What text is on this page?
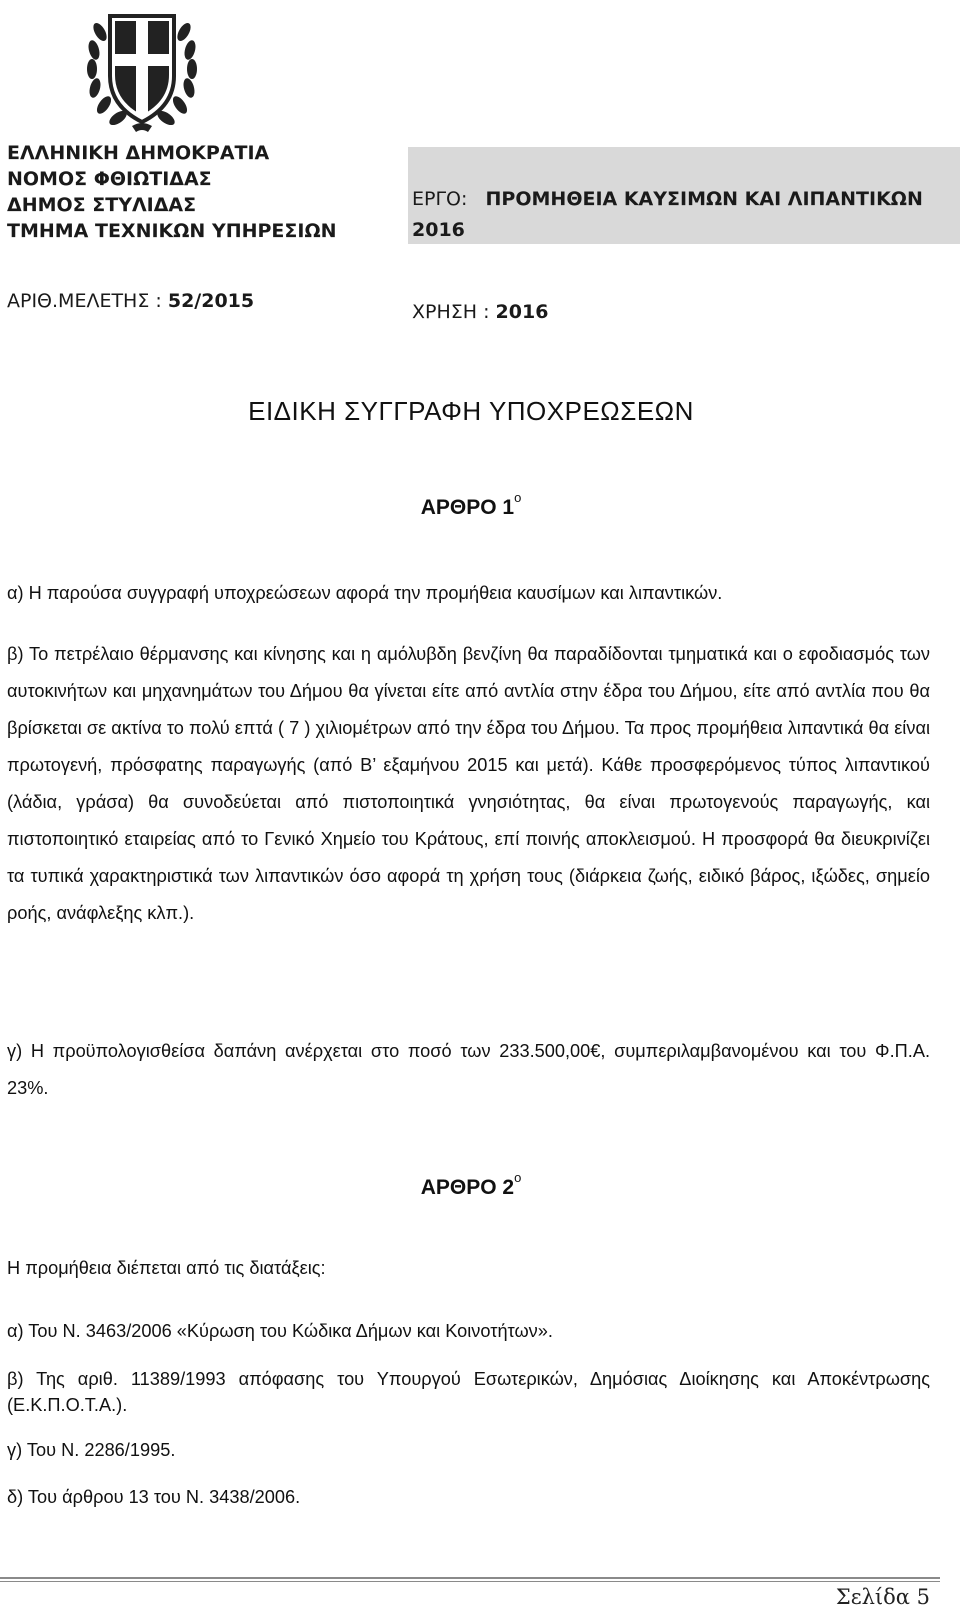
ΕΛΛΗΝΙΚΗ ΔΗΜΟΚΡΑΤΙΑ
ΝΟΜΟΣ ΦΘΙΩΤΙΔΑΣ
ΔΗΜΟΣ ΣΤΥΛΙΔΑΣ
ΤΜΗΜΑ ΤΕΧΝΙΚΩΝ ΥΠΗΡΕΣΙΩΝ
ΕΡΓΟ: ΠΡΟΜΗΘΕΙΑ ΚΑΥΣΙΜΩΝ ΚΑΙ ΛΙΠΑΝΤΙΚΩΝ
2016
ΑΡΙΘ.ΜΕΛΕΤΗΣ : 52/2015	ΧΡΗΣΗ : 2016
ΕΙΔΙΚΗ ΣΥΓΓΡΑΦΗ ΥΠΟΧΡΕΩΣΕΩΝ
ΑΡΘΡΟ $1^o$
α) Η παρούσα συγγραφή υποχρεώσεων αφορά την προμήθεια καυσίμων και λιπαντικών.
β) Το πετρέλαιο θέρμανσης και κίνησης και η αμόλυβδη βενζίνη θα παραδίδονται τμηματικά και ο εφοδιασμός των αυτοκινήτων και μηχανημάτων του Δήμου θα γίνεται είτε από αντλία στην έδρα του Δήμου, είτε από αντλία που θα βρίσκεται σε ακτίνα το πολύ επτά ( 7 ) χιλιομέτρων από την έδρα του Δήμου. Τα προς προμήθεια λιπαντικά θα είναι πρωτογενή, πρόσφατης παραγωγής (από Β’ εξαμήνου 2015 και μετά). Κάθε προσφερόμενος τύπος λιπαντικού (λάδια, γράσα) θα συνοδεύεται από πιστοποιητικά γνησιότητας, θα είναι πρωτογενούς παραγωγής, και πιστοποιητικό εταιρείας από το Γενικό Χημείο του Κράτους, επί ποινής αποκλεισμού. Η προσφορά θα διευκρινίζει τα τυπικά χαρακτηριστικά των λιπαντικών όσο αφορά τη χρήση τους (διάρκεια ζωής, ειδικό βάρος, ιξώδες, σημείο ροής, ανάφλεξης κλπ.).
γ) Η προϋπολογισθείσα δαπάνη ανέρχεται στο ποσό των 233.500,00€, συμπεριλαμβανομένου και του Φ.Π.Α. 23%.
ΑΡΘΡΟ $2^o$
Η προμήθεια διέπεται από τις διατάξεις:
α) Του Ν. 3463/2006 «Κύρωση του Κώδικα Δήμων και Κοινοτήτων».
β) Της αριθ. 11389/1993 απόφασης του Υπουργού Εσωτερικών, Δημόσιας Διοίκησης και Αποκέντρωσης (Ε.Κ.Π.Ο.Τ.Α.).
γ) Του Ν. 2286/1995.
δ) Του άρθρου 13 του Ν. 3438/2006.
Σελίδα 5
